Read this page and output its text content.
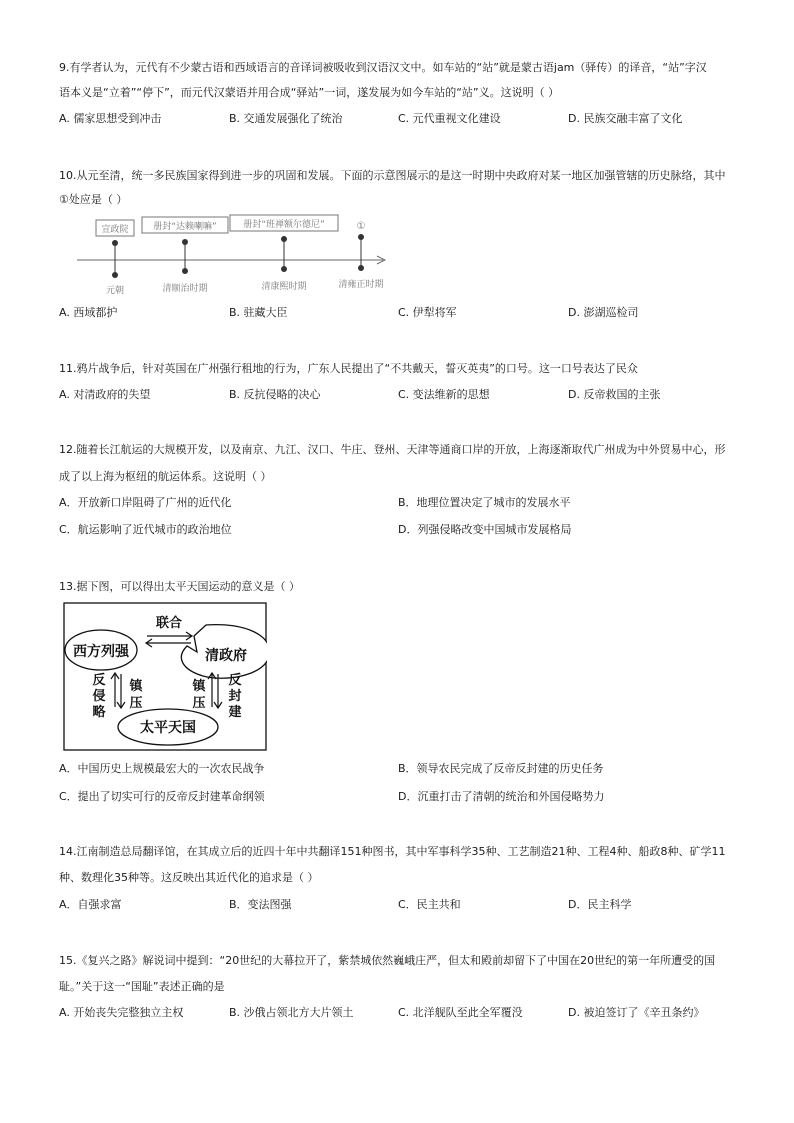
9.有学者认为，元代有不少蒙古语和西域语言的音译词被吸收到汉语汉文中。如车站的“站”就是蒙古语jam（驿传）的译音，“站”字汉
语本义是“立着”“停下”，而元代汉蒙语并用合成“驿站”一词，遂发展为如今车站的“站”义。这说明（ ）
A. 儒家思想受到冲击	B. 交通发展强化了统治	C. 元代重视文化建设	D. 民族交融丰富了文化
10.从元至清，统一多民族国家得到进一步的巩固和发展。下面的示意图展示的是这一时期中央政府对某一地区加强管辖的历史脉络，其中
①处应是（ ）
宣政院	册封“达赖喇嘛”	册封“班禅额尔德尼”	①
元朝	清顺治时期	清康熙时期	清雍正时期
A. 西域都护	B. 驻藏大臣	C. 伊犁将军	D. 澎湖巡检司
11.鸦片战争后，针对英国在广州强行租地的行为，广东人民提出了“不共戴天，誓灭英夷”的口号。这一口号表达了民众
A. 对清政府的失望	B. 反抗侵略的决心	C. 变法维新的思想	D. 反帝救国的主张
12.随着长江航运的大规模开发，以及南京、九江、汉口、牛庄、登州、天津等通商口岸的开放，上海逐渐取代广州成为中外贸易中心，形
成了以上海为枢纽的航运体系。这说明（ ）
A．开放新口岸阻碍了广州的近代化	B．地理位置决定了城市的发展水平
C．航运影响了近代城市的政治地位	D．列强侵略改变中国城市发展格局
13.据下图，可以得出太平天国运动的意义是（ ）
西方列强	清政府
太平天国
联合
反
侵
略
镇
压
镇
压
反
封
建
A．中国历史上规模最宏大的一次农民战争	B．领导农民完成了反帝反封建的历史任务
C．提出了切实可行的反帝反封建革命纲领	D．沉重打击了清朝的统治和外国侵略势力
14.江南制造总局翻译馆，在其成立后的近四十年中共翻译151种图书，其中军事科学35种、工艺制造21种、工程4种、船政8种、矿学11
种、数理化35种等。这反映出其近代化的追求是（ ）
A．自强求富	B．变法图强	C．民主共和	D．民主科学
15.《复兴之路》解说词中提到：“20世纪的大幕拉开了，紫禁城依然巍峨庄严，但太和殿前却留下了中国在20世纪的第一年所遭受的国
耻。”关于这一“国耻”表述正确的是
A. 开始丧失完整独立主权	B. 沙俄占领北方大片领土	C. 北洋舰队至此全军覆没	D. 被迫签订了《辛丑条约》
